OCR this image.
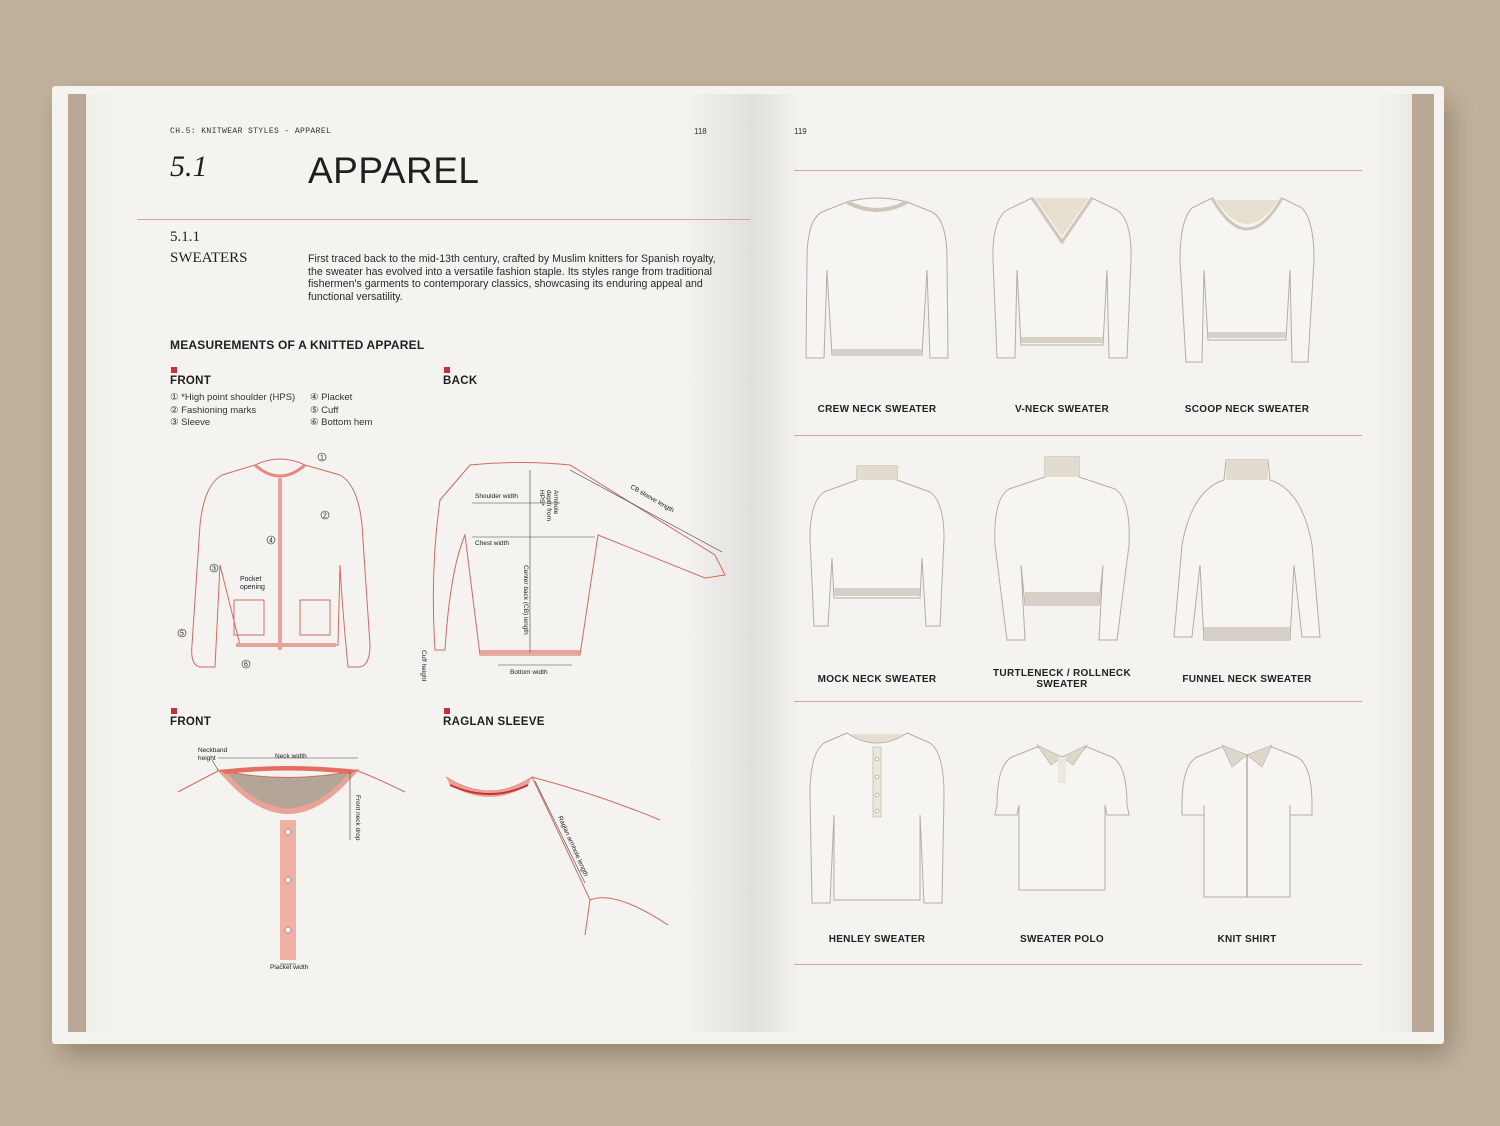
CH.5: KNITWEAR STYLES - APPAREL	118
5.1	APPAREL
5.1.1
SWEATERS	First traced back to the mid-13th century, crafted by Muslim knitters for Spanish royalty, the sweater has evolved into a versatile fashion staple. Its styles range from traditional fishermen's garments to contemporary classics, showcasing its enduring appeal and functional versatility.
MEASUREMENTS OF A KNITTED APPAREL
FRONT	BACK
① *High point shoulder (HPS)
② Fashioning marks
③ Sleeve
④ Placket
⑤ Cuff
⑥ Bottom hem
1
2
3
4
5
6
Pocket
opening
Shoulder width
Chest width
Bottom width
CB sleeve length
Center back (CB) length
Cuff height
Armhole
depth from
HPS*
FRONT	RAGLAN SLEEVE
Neckband
height	Neck width
Front neck drop
Placket width
Raglan armhole length
119
CREW NECK SWEATER	V-NECK SWEATER	SCOOP NECK SWEATER
MOCK NECK SWEATER
TURTLENECK / ROLLNECK SWEATER	FUNNEL NECK SWEATER
HENLEY SWEATER	SWEATER POLO	KNIT SHIRT
